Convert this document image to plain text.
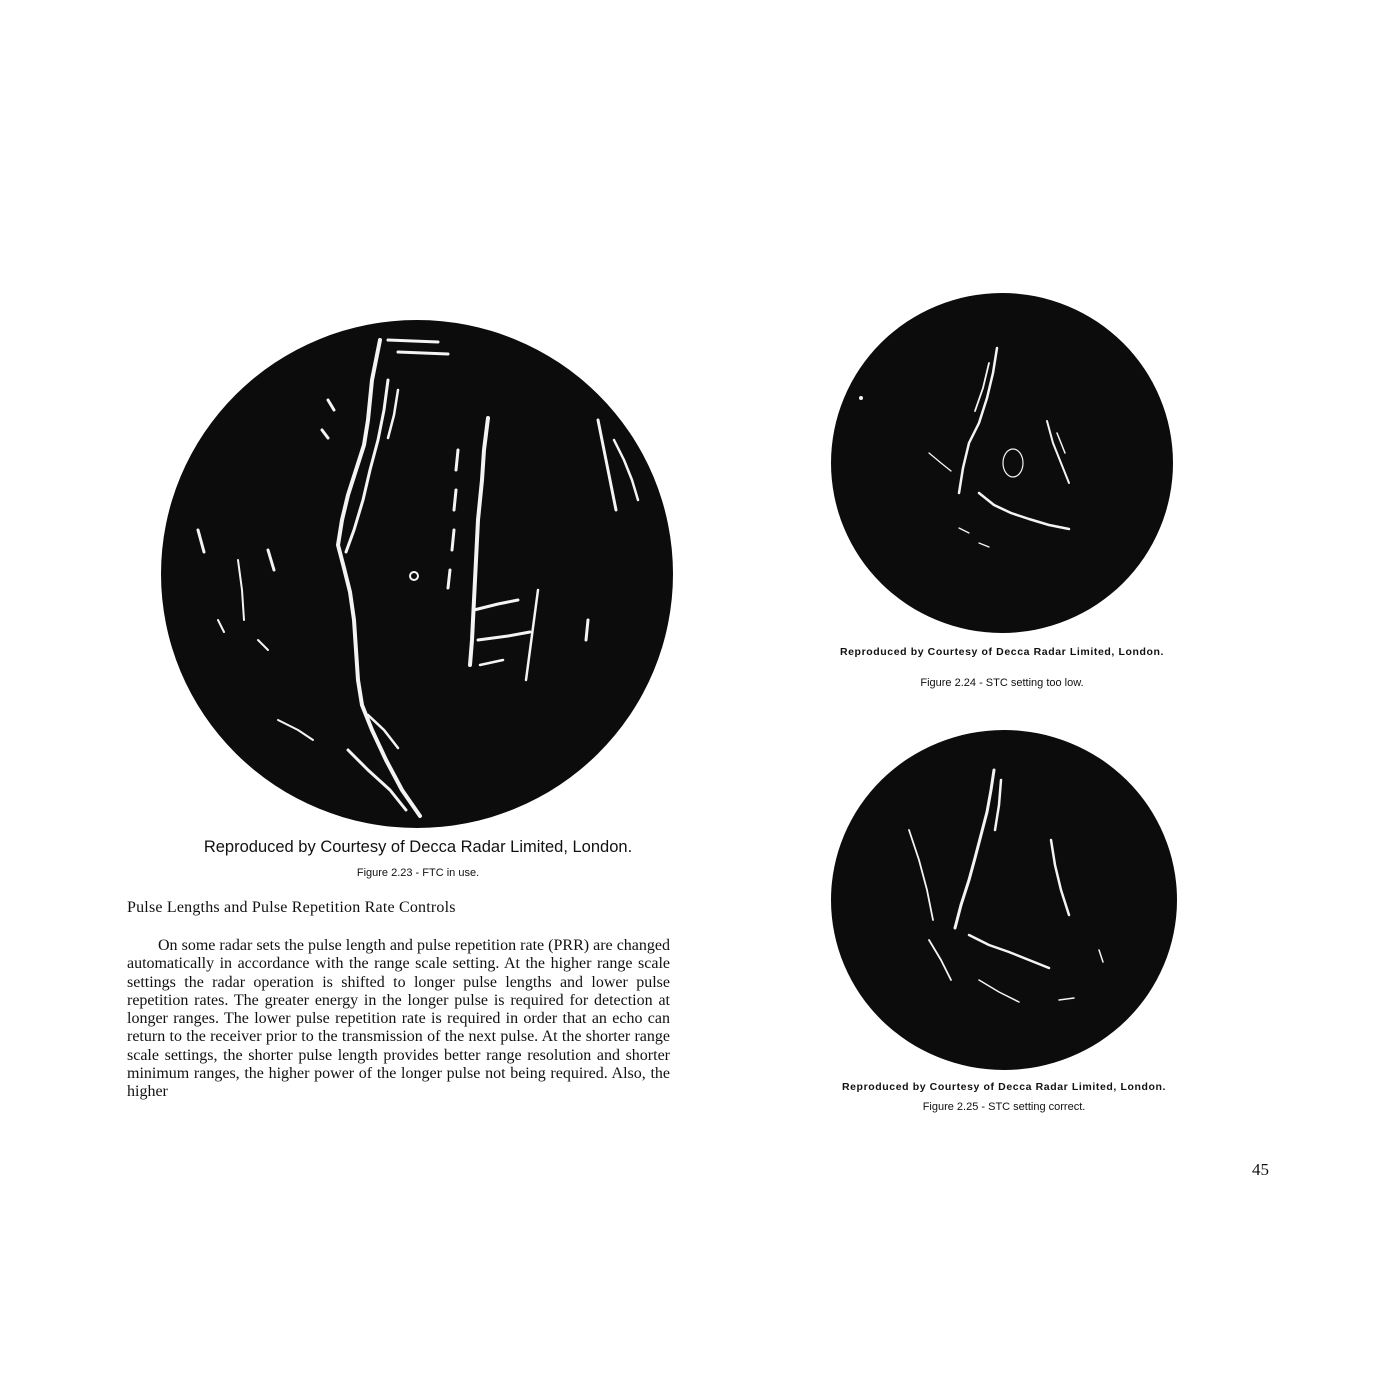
Reproduced by Courtesy of Decca Radar Limited, London.
Figure 2.23 - FTC in use.
Reproduced by Courtesy of Decca Radar Limited, London.
Figure 2.24 - STC setting too low.
Reproduced by Courtesy of Decca Radar Limited, London.
Figure 2.25 - STC setting correct.
Pulse Lengths and Pulse Repetition Rate Controls

On some radar sets the pulse length and pulse repetition rate (PRR) are changed automatically in accordance with the range scale setting. At the higher range scale settings the radar operation is shifted to longer pulse lengths and lower pulse repetition rates. The greater energy in the longer pulse is required for detection at longer ranges. The lower pulse repetition rate is required in order that an echo can return to the receiver prior to the transmission of the next pulse. At the shorter range scale settings, the shorter pulse length provides better range resolution and shorter minimum ranges, the higher power of the longer pulse not being required. Also, the higher

45
